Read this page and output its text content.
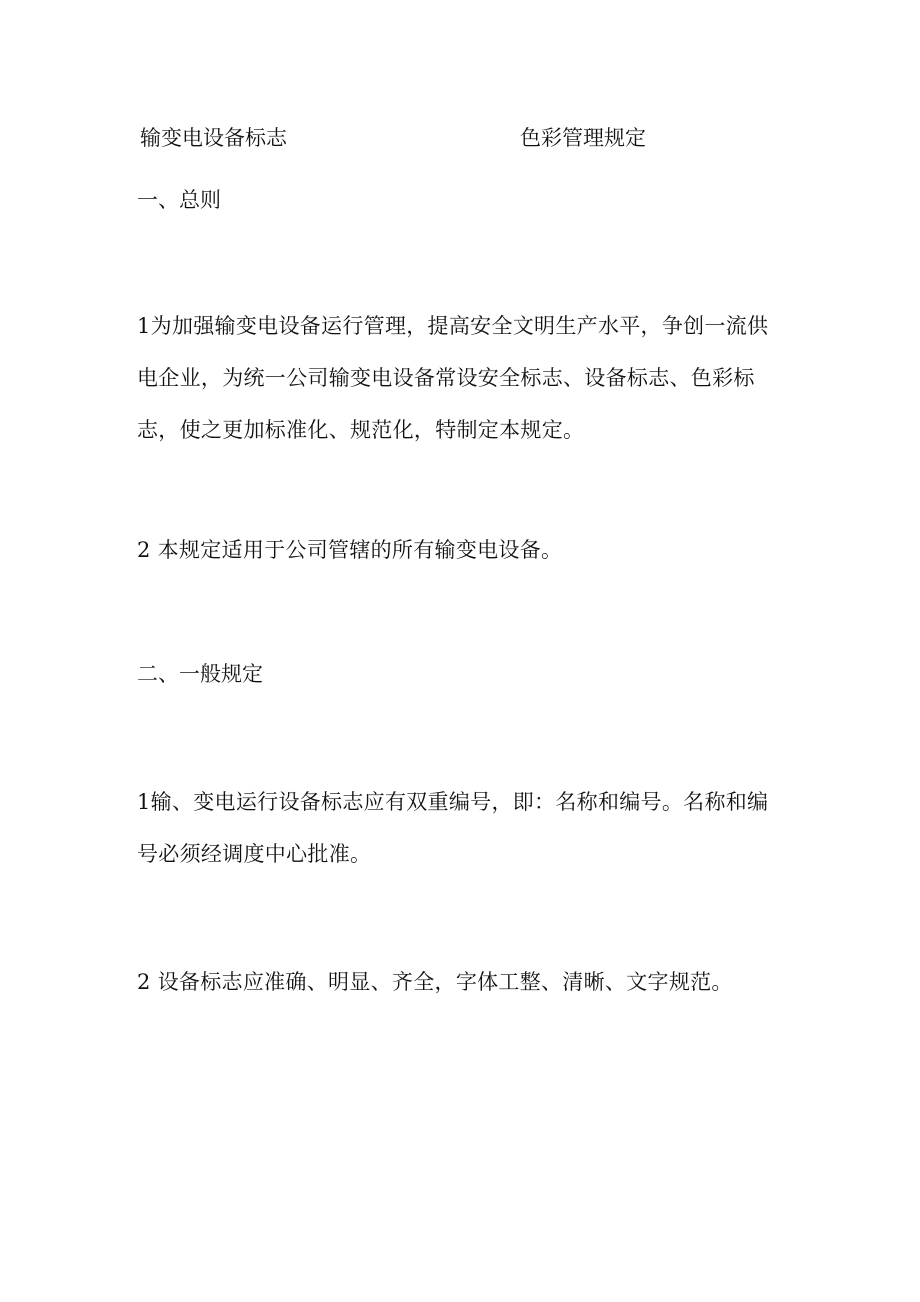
输变电设备标志	色彩管理规定
一、总则
1为加强输变电设备运行管理，提高安全文明生产水平，争创一流供电企业，为统一公司输变电设备常设安全标志、设备标志、色彩标志，使之更加标准化、规范化，特制定本规定。
2 本规定适用于公司管辖的所有输变电设备。
二、一般规定
1输、变电运行设备标志应有双重编号，即：名称和编号。名称和编号必须经调度中心批准。
2 设备标志应准确、明显、齐全，字体工整、清晰、文字规范。
